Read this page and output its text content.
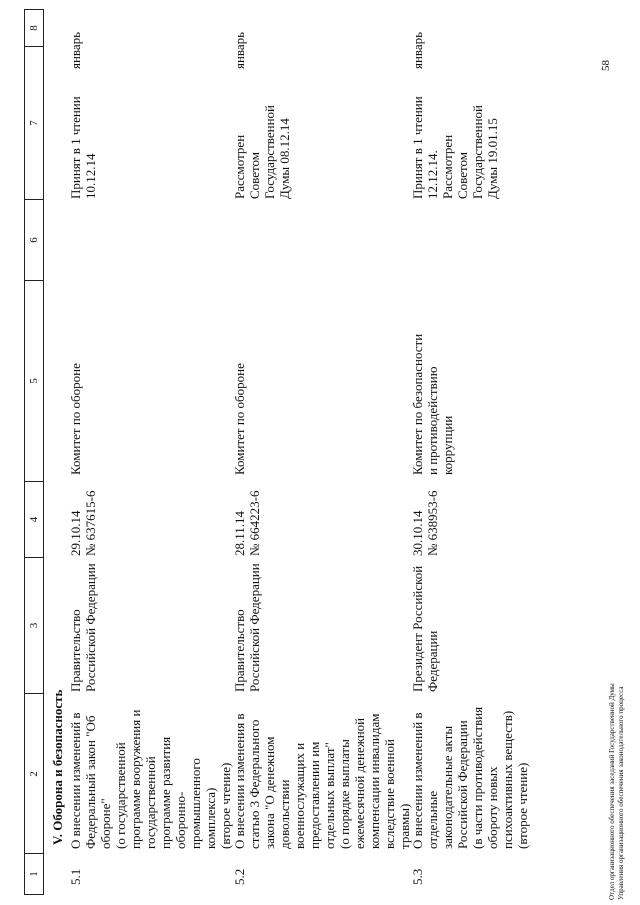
1
2
3
4
5
6
7
8
V. Оборона и безопасность
5.1
О внесении изменений в Федеральный закон "Об обороне"
(о государственной программе вооружения и государственной программе развития оборонно-
промышленного комплекса)
(второе чтение)
Правительство Российской Федерации
29.10.14 № 637615-6
Комитет по обороне
Принят в 1 чтении
10.12.14
январь
5.2
О внесении изменения в статью 3 Федерального закона "О денежном довольствии военнослужащих и предоставлении им отдельных выплат"
(о порядке выплаты ежемесячной денежной компенсации инвалидам вследствие военной травмы)
Правительство Российской Федерации
28.11.14 № 664223-6
Комитет по обороне
Рассмотрен
Советом
Государственной
Думы 08.12.14
январь
5.3
О внесении изменений в отдельные законодательные акты Российской Федерации
(в части противодействия обороту новых психоактивных веществ)
(второе чтение)
Президент Российской Федерации
30.10.14 № 638953-6
Комитет по безопасности и противодействию коррупции
Принят в 1 чтении
12.12.14.
Рассмотрен
Советом
Государственной
Думы 19.01.15
январь
Отдел организационного обеспечения заседаний Государственной Думы Управления организационного обеспечения законодательного процесса
58
